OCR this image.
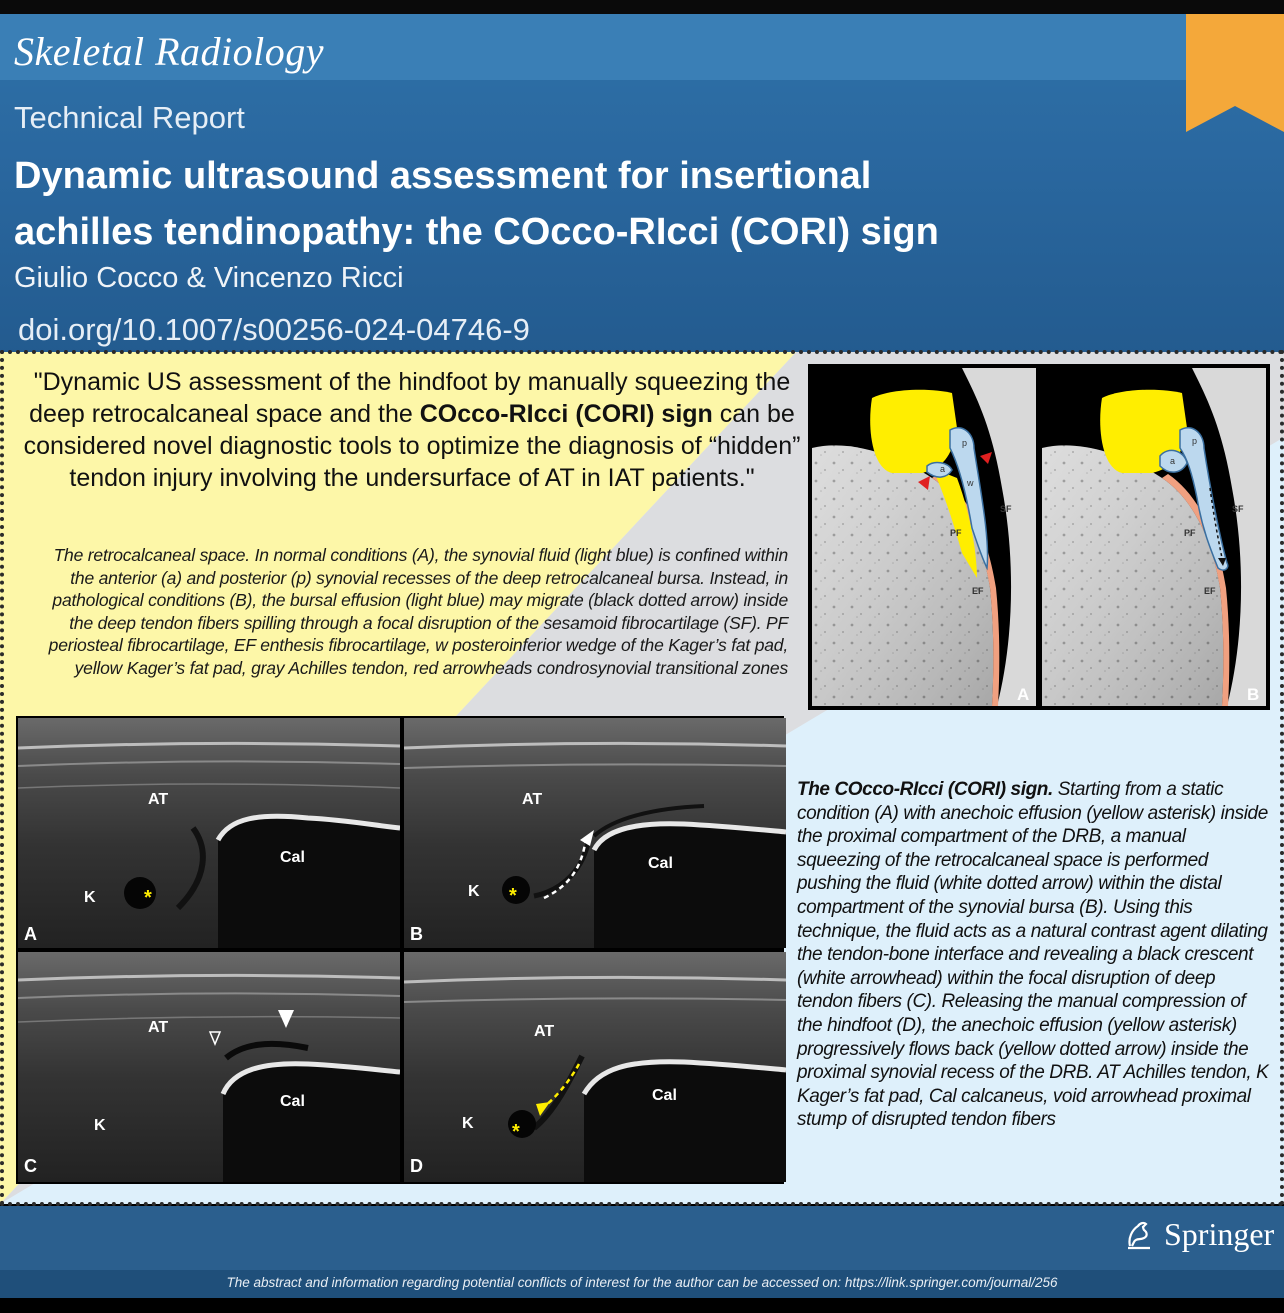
Skeletal Radiology
Technical Report
Dynamic ultrasound assessment for insertional
achilles tendinopathy: the COcco-RIcci (CORI) sign
Giulio Cocco & Vincenzo Ricci
doi.org/10.1007/s00256-024-04746-9
"Dynamic US assessment of the hindfoot by manually squeezing the deep retrocalcaneal space and the COcco-RIcci (CORI) sign can be considered novel diagnostic tools to optimize the diagnosis of “hidden” tendon injury involving the undersurface of AT in IAT patients."
The retrocalcaneal space. In normal conditions (A), the synovial fluid (light blue) is confined within the anterior (a) and posterior (p) synovial recesses of the deep retrocalcaneal bursa. Instead, in pathological conditions (B), the bursal effusion (light blue) may migrate (black dotted arrow) inside the deep tendon fibers spilling through a focal disruption of the sesamoid fibrocartilage (SF). PF periosteal fibrocartilage, EF enthesis fibrocartilage, w posteroinferior wedge of the Kager’s fat pad, yellow Kager’s fat pad, gray Achilles tendon, red arrowheads condrosynovial transitional zones
p
a
w
SF
PF
EF
A
p
a
SF
PF
EF
B
*
AT
Cal
K
A
*
AT
Cal
K
B
AT
Cal
K
C
*
AT
Cal
K
D
The COcco-RIcci (CORI) sign. Starting from a static condition (A) with anechoic effusion (yellow asterisk) inside the proximal compartment of the DRB, a manual squeezing of the retrocalcaneal space is performed pushing the fluid (white dotted arrow) within the distal compartment of the synovial bursa (B). Using this technique, the fluid acts as a natural contrast agent dilating the tendon-bone interface and revealing a black crescent (white arrowhead) within the focal disruption of deep tendon fibers (C). Releasing the manual compression of the hindfoot (D), the anechoic effusion (yellow asterisk) progressively flows back (yellow dotted arrow) inside the proximal synovial recess of the DRB. AT Achilles tendon, K Kager’s fat pad, Cal calcaneus, void arrowhead proximal stump of disrupted tendon fibers
Springer
The abstract and information regarding potential conflicts of interest for the author can be accessed on: https://link.springer.com/journal/256
